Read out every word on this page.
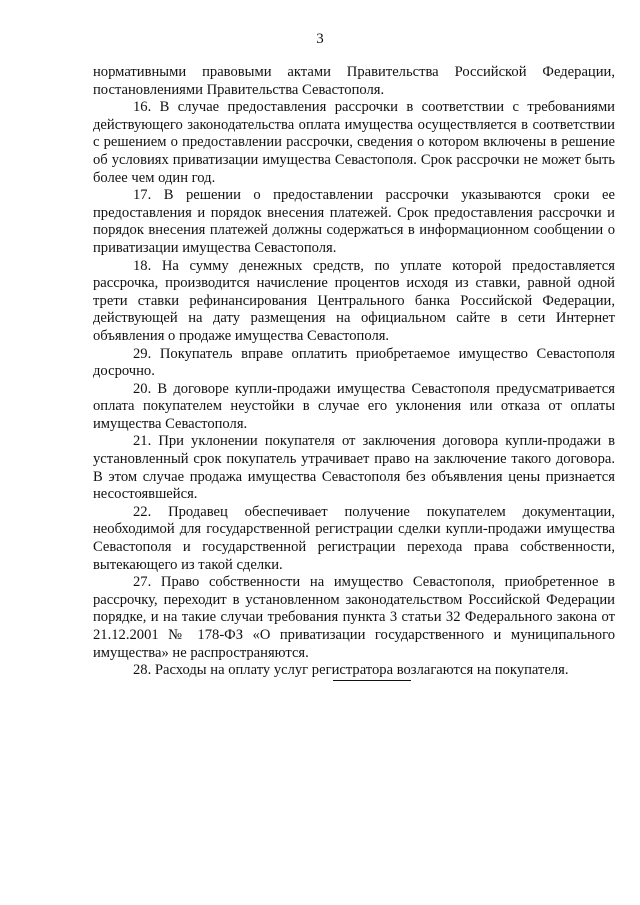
3

нормативными правовыми актами Правительства Российской Федерации, постановлениями Правительства Севастополя.

16. В случае предоставления рассрочки в соответствии с требованиями действующего законодательства оплата имущества осуществляется в соответствии с решением о предоставлении рассрочки, сведения о котором включены в решение об условиях приватизации имущества Севастополя. Срок рассрочки не может быть более чем один год.

17. В решении о предоставлении рассрочки указываются сроки ее предоставления и порядок внесения платежей. Срок предоставления рассрочки и порядок внесения платежей должны содержаться в информационном сообщении о приватизации имущества Севастополя.

18. На сумму денежных средств, по уплате которой предоставляется рассрочка, производится начисление процентов исходя из ставки, равной одной трети ставки рефинансирования Центрального банка Российской Федерации, действующей на дату размещения на официальном сайте в сети Интернет объявления о продаже имущества Севастополя.

29. Покупатель вправе оплатить приобретаемое имущество Севастополя досрочно.

20. В договоре купли-продажи имущества Севастополя предусматривается оплата покупателем неустойки в случае его уклонения или отказа от оплаты имущества Севастополя.

21. При уклонении покупателя от заключения договора купли-продажи в установленный срок покупатель утрачивает право на заключение такого договора. В этом случае продажа имущества Севастополя без объявления цены признается несостоявшейся.

22. Продавец обеспечивает получение покупателем документации, необходимой для государственной регистрации сделки купли-продажи имущества Севастополя и государственной регистрации перехода права собственности, вытекающего из такой сделки.

27. Право собственности на имущество Севастополя, приобретенное в рассрочку, переходит в установленном законодательством Российской Федерации порядке, и на такие случаи требования пункта 3 статьи 32 Федерального закона от 21.12.2001 № 178-ФЗ «О приватизации государственного и муниципального имущества» не распространяются.

28. Расходы на оплату услуг регистратора возлагаются на покупателя.
